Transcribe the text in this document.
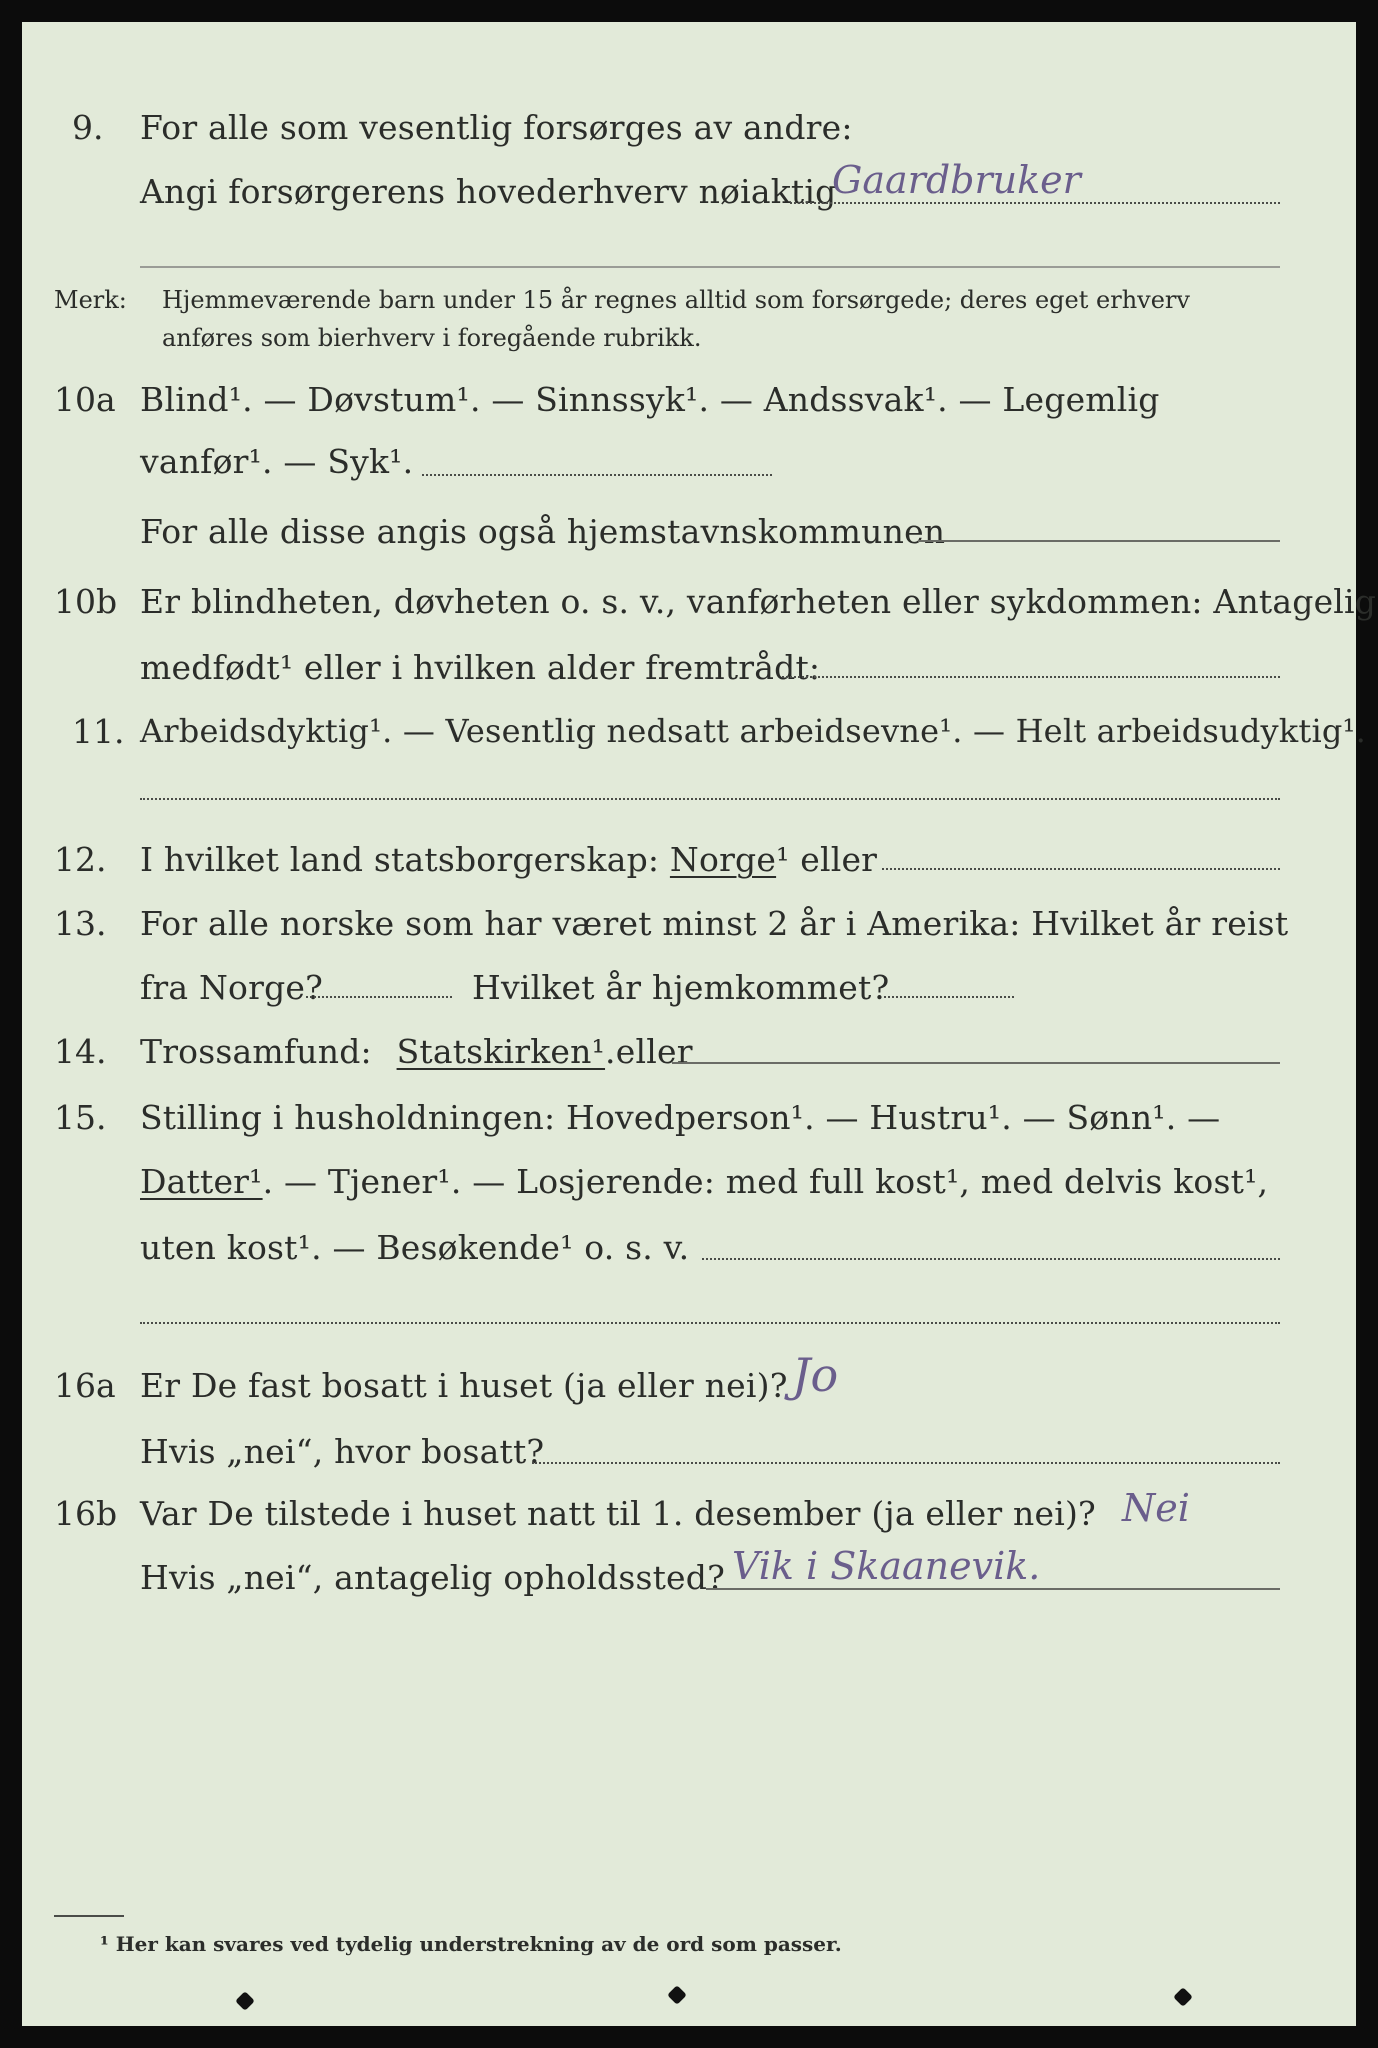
9. For alle som vesentlig forsørges av andre:
Angi forsørgerens hovederhverv nøiaktig
Gaardbruker
Merk: Hjemmeværende barn under 15 år regnes alltid som forsørgede; deres eget erhverv
anføres som bierhverv i foregående rubrikk.
10a Blind¹. — Døvstum¹. — Sinnssyk¹. — Andssvak¹. — Legemlig
vanfør¹. — Syk¹.
For alle disse angis også hjemstavnskommunen
10b Er blindheten, døvheten o. s. v., vanførheten eller sykdommen: Antagelig
medfødt¹ eller i hvilken alder fremtrådt:
11. Arbeidsdyktig¹. — Vesentlig nedsatt arbeidsevne¹. — Helt arbeidsudyktig¹.
12. I hvilket land statsborgerskap: Norge¹ eller
13. For alle norske som har været minst 2 år i Amerika: Hvilket år reist
fra Norge?	Hvilket år hjemkommet?
14. Trossamfund: Statskirken¹.eller
15. Stilling i husholdningen: Hovedperson¹. — Hustru¹. — Sønn¹. —
Datter¹. — Tjener¹. — Losjerende: med full kost¹, med delvis kost¹,
uten kost¹. — Besøkende¹ o. s. v.
16a Er De fast bosatt i huset (ja eller nei)? Jo
Hvis „nei“, hvor bosatt?
16b Var De tilstede i huset natt til 1. desember (ja eller nei)? Nei
Hvis „nei“, antagelig opholdssted? Vik i Skaanevik.
¹ Her kan svares ved tydelig understrekning av de ord som passer.
